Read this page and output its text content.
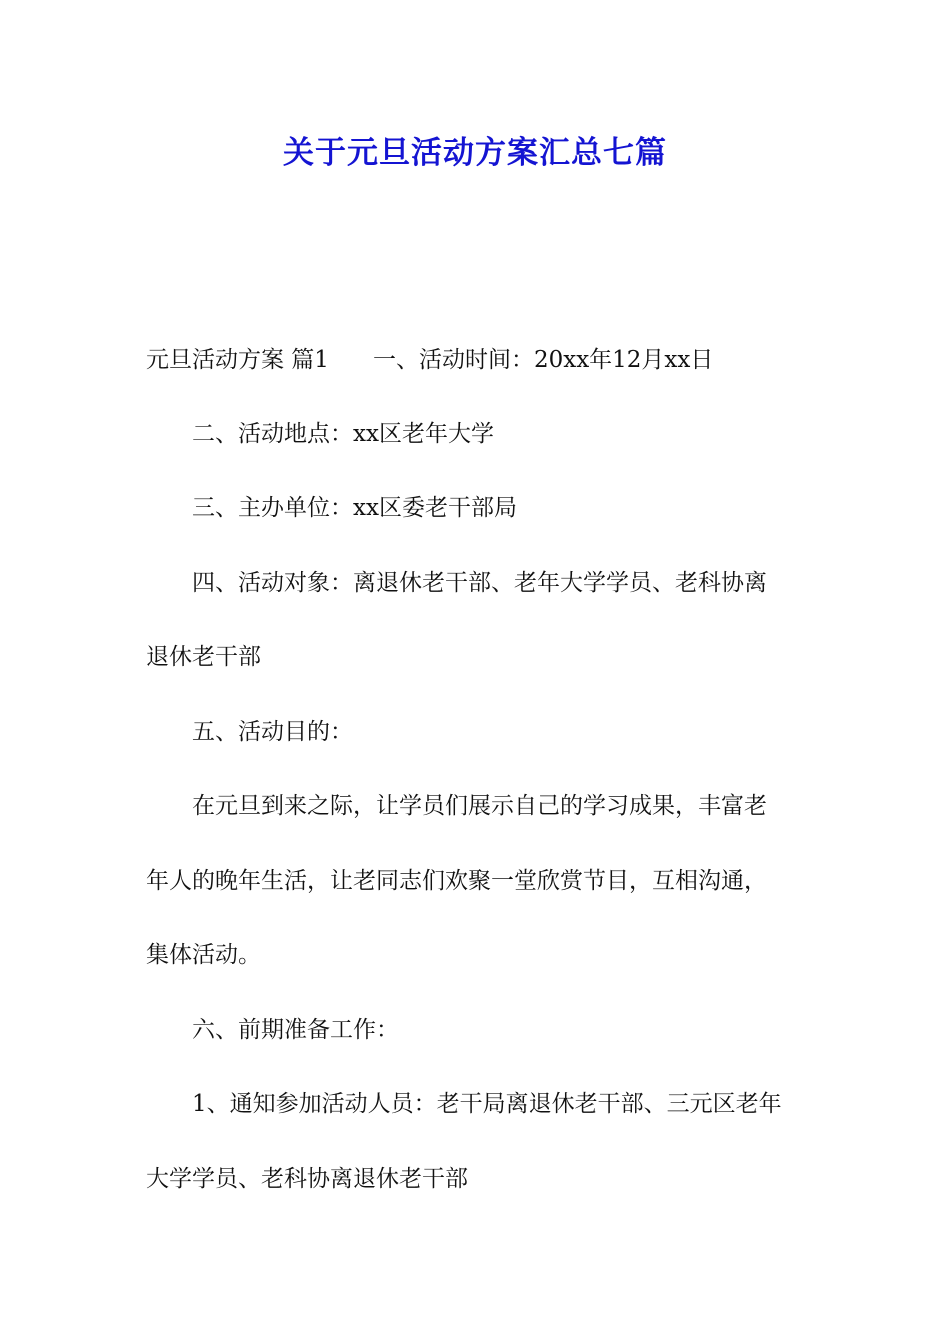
关于元旦活动方案汇总七篇

元旦活动方案 篇1 一、活动时间：20xx年12月xx日

二、活动地点：xx区老年大学

三、主办单位：xx区委老干部局

四、活动对象：离退休老干部、老年大学学员、老科协离

退休老干部

五、活动目的：

在元旦到来之际，让学员们展示自己的学习成果，丰富老

年人的晚年生活，让老同志们欢聚一堂欣赏节目，互相沟通，

集体活动。

六、前期准备工作：

1、通知参加活动人员：老干局离退休老干部、三元区老年

大学学员、老科协离退休老干部
